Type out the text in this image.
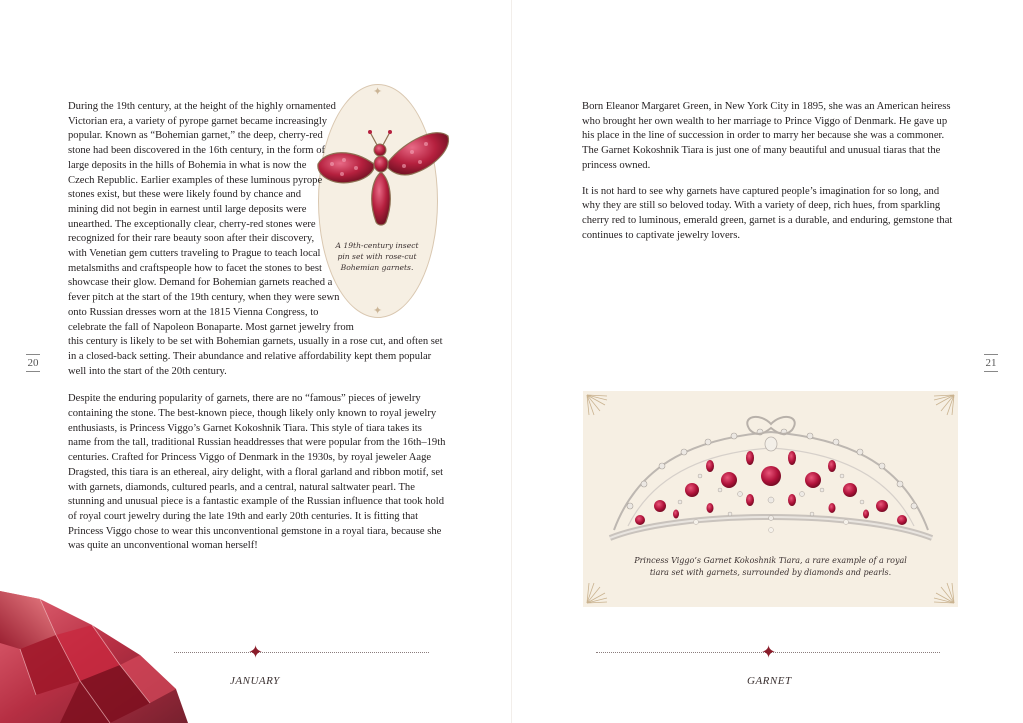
✦
✦
A 19th-century insect pin set with rose-cut Bohemian garnets.

During the 19th century, at the height of the highly ornamented Victorian era, a variety of pyrope garnet became increasingly popular. Known as “Bohemian garnet,” the deep, cherry-red stone had been discovered in the 16th century, in the form of large deposits in the hills of Bohemia in what is now the Czech Republic. Earlier examples of these luminous pyrope stones exist, but these were likely found by chance and mining did not begin in earnest until large deposits were unearthed. The exceptionally clear, cherry-red stones were recognized for their rare beauty soon after their discovery, with Venetian gem cutters traveling to Prague to teach local metalsmiths and craftspeople how to facet the stones to best showcase their glow. Demand for Bohemian garnets reached a fever pitch at the start of the 19th century, when they were sewn onto Russian dresses worn at the 1815 Vienna Congress, to celebrate the fall of Napoleon Bonaparte. Most garnet jewelry from this century is likely to be set with Bohemian garnets, usually in a rose cut, and often set in a closed-back setting. Their abundance and relative affordability kept them popular well into the start of the 20th century.

Despite the enduring popularity of garnets, there are no “famous” pieces of jewelry containing the stone. The best-known piece, though likely only known to royal jewelry enthusiasts, is Princess Viggo’s Garnet Kokoshnik Tiara. This style of tiara takes its name from the tall, traditional Russian headdresses that were popular from the 16th–19th centuries. Crafted for Princess Viggo of Denmark in the 1930s, by royal jeweler Aage Dragsted, this tiara is an ethereal, airy delight, with a floral garland and ribbon motif, set with garnets, diamonds, cultured pearls, and a central, natural saltwater pearl. The stunning and unusual piece is a fantastic example of the Russian influence that took hold of royal court jewelry during the late 19th and early 20th centuries. It is fitting that Princess Viggo chose to wear this unconventional gemstone in a royal tiara, because she was quite an unconventional woman herself!

20	21

Born Eleanor Margaret Green, in New York City in 1895, she was an American heiress who brought her own wealth to her marriage to Prince Viggo of Denmark. He gave up his place in the line of succession in order to marry her because she was a commoner. The Garnet Kokoshnik Tiara is just one of many beautiful and unusual tiaras that the princess owned.

It is not hard to see why garnets have captured people’s imagination for so long, and why they are still so beloved today. With a variety of deep, rich hues, from sparkling cherry red to luminous, emerald green, garnet is a durable, and enduring, gemstone that continues to captivate jewelry lovers.

Princess Viggo’s Garnet Kokoshnik Tiara, a rare example of a royal tiara set with garnets, surrounded by diamonds and pearls.
✦
JANUARY
✦
GARNET
